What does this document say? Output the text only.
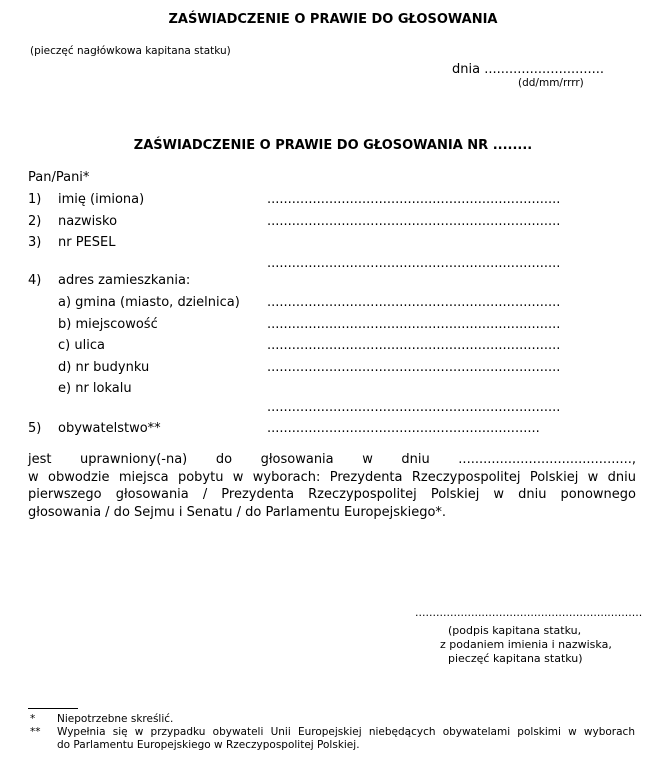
ZAŚWIADCZENIE O PRAWIE DO GŁOSOWANIA
(pieczęć nagłówkowa kapitana statku)
dnia .............................
(dd/mm/rrrr)
ZAŚWIADCZENIE O PRAWIE DO GŁOSOWANIA NR ........
Pan/Pani*
1) imię (imiona)	.......................................................................
2) nazwisko	.......................................................................
3) nr PESEL
.......................................................................
4) adres zamieszkania:
a) gmina (miasto, dzielnica) .......................................................................
b) miejscowość	.......................................................................
c) ulica	.......................................................................
d) nr budynku	.......................................................................
e) nr lokalu
.......................................................................
5) obywatelstwo**	..................................................................
jest uprawniony(-na) do głosowania w dniu ..........................................,
w obwodzie miejsca pobytu w wyborach: Prezydenta Rzeczypospolitej Polskiej w dniu
pierwszego głosowania / Prezydenta Rzeczypospolitej Polskiej w dniu ponownego
głosowania / do Sejmu i Senatu / do Parlamentu Europejskiego*.
.................................................................
(podpis kapitana statku,
z podaniem imienia i nazwiska,
pieczęć kapitana statku)
* Niepotrzebne skreślić.
** Wypełnia się w przypadku obywateli Unii Europejskiej niebędących obywatelami polskimi w wyborach
do Parlamentu Europejskiego w Rzeczypospolitej Polskiej.
